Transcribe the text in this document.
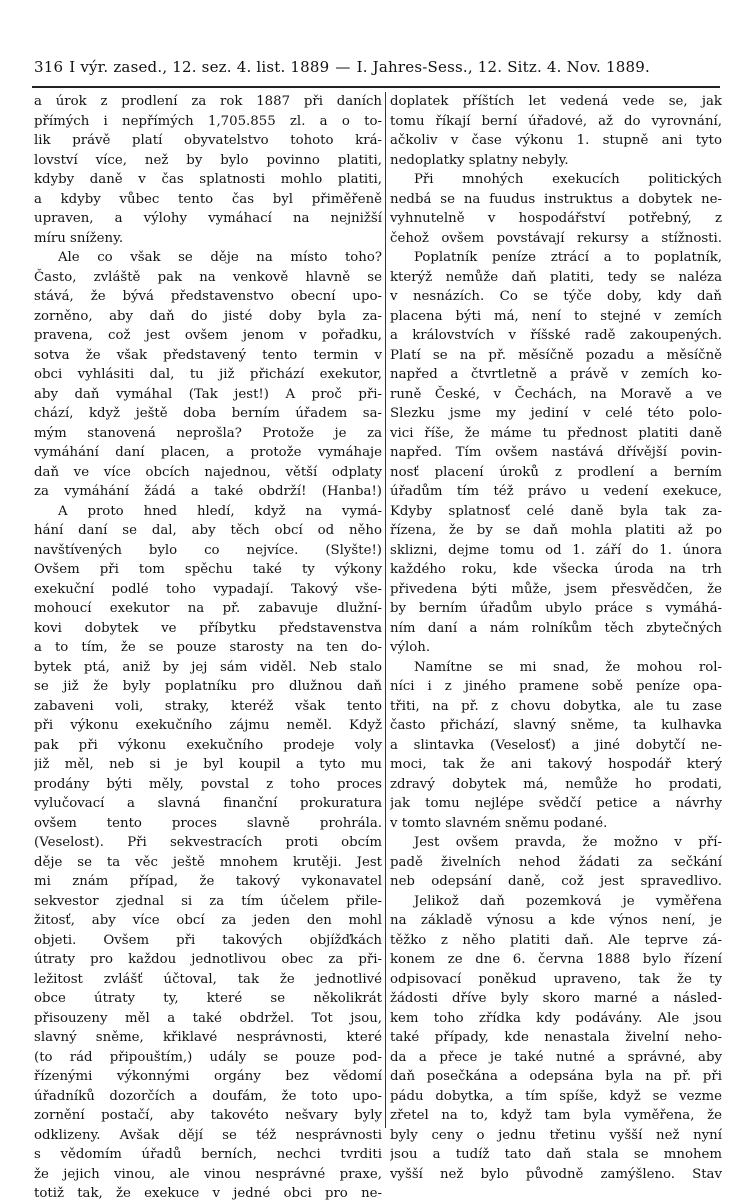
316 I výr. zased., 12. sez. 4. list. 1889 — I. Jahres-Sess., 12. Sitz. 4. Nov. 1889.
a úrok z prodlení za rok 1887 při daních
přímých i nepřímých 1,705.855 zl. a o to-
lik právě platí obyvatelstvo tohoto krá-
lovství více, než by bylo povinno platiti,
kdyby daně v čas splatnosti mohlo platiti,
a kdyby vůbec tento čas byl přiměřeně
upraven, a výlohy vymáhací na nejnižší
míru sníženy.
Ale co však se děje na místo toho?
Často, zvláště pak na venkově hlavně se
stává, že bývá představenstvo obecní upo-
zorněno, aby daň do jisté doby byla za-
pravena, což jest ovšem jenom v pořadku,
sotva že však představený tento termin v
obci vyhlásiti dal, tu již přichází exekutor,
aby daň vymáhal (Tak jest!) A proč při-
chází, když ještě doba berním úřadem sa-
mým stanovená neprošla? Protože je za
vymáhání daní placen, a protože vymáhaje
daň ve více obcích najednou, větší odplaty
za vymáhání žádá a také obdrží! (Hanba!)
A proto hned hledí, když na vymá-
hání daní se dal, aby těch obcí od něho
navštívených bylo co nejvíce. (Slyšte!)
Ovšem při tom spěchu také ty výkony
exekuční podlé toho vypadají. Takový vše-
mohoucí exekutor na př. zabavuje dlužní-
kovi dobytek ve příbytku představenstva
a to tím, že se pouze starosty na ten do-
bytek ptá, aniž by jej sám viděl. Neb stalo
se již že byly poplatníku pro dlužnou daň
zabaveni voli, straky, kteréž však tento
při výkonu exekučního zájmu neměl. Když
pak při výkonu exekučního prodeje voly
již měl, neb si je byl koupil a tyto mu
prodány býti měly, povstal z toho proces
vylučovací a slavná finanční prokuratura
ovšem tento proces slavně prohrála.
(Veselost). Při sekvestracích proti obcím
děje se ta věc ještě mnohem krutěji. Jest
mi znám případ, že takový vykonavatel
sekvestor zjednal si za tím účelem přile-
žitosť, aby více obcí za jeden den mohl
objeti. Ovšem při takových objížďkách
útraty pro každou jednotlivou obec za při-
ležitost zvlášť účtoval, tak že jednotlivé
obce útraty ty, které se několikrát
přisouzeny měl a také obdržel. Tot jsou,
slavný sněme, křiklavé nesprávnosti, které
(to rád připouštím,) udály se pouze pod-
řízenými výkonnými orgány bez vědomí
úřadníků dozorčích a doufám, že toto upo-
zornění postačí, aby takovéto nešvary byly
odklizeny. Avšak dějí se též nesprávnosti
s vědomím úřadů berních, nechci tvrditi
že jejich vinou, ale vinou nesprávné praxe,
totiž tak, že exekuce v jedné obci pro ne-
doplatek příštích let vedená vede se, jak
tomu říkají berní úřadové, až do vyrovnání,
ačkoliv v čase výkonu 1. stupně ani tyto
nedoplatky splatny nebyly.
Při mnohých exekucích politických
nedbá se na fuudus instruktus a dobytek ne-
vyhnutelně v hospodářství potřebný, z
čehož ovšem povstávají rekursy a stížnosti.
Poplatník peníze ztrácí a to poplatník,
kterýž nemůže daň platiti, tedy se naléza
v nesnázích. Co se týče doby, kdy daň
placena býti má, není to stejné v zemích
a královstvích v říšské radě zakoupených.
Platí se na př. měsíčně pozadu a měsíčně
napřed a čtvrtletně a právě v zemích ko-
runě České, v Čechách, na Moravě a ve
Slezku jsme my jediní v celé této polo-
vici říše, že máme tu přednost platiti daně
napřed. Tím ovšem nastává dřívější povin-
nosť placení úroků z prodlení a berním
úřadům tím též právo u vedení exekuce,
Kdyby splatnosť celé daně byla tak za-
řízena, že by se daň mohla platiti až po
sklizni, dejme tomu od 1. září do 1. února
každého roku, kde všecka úroda na trh
přivedena býti může, jsem přesvědčen, že
by berním úřadům ubylo práce s vymáhá-
ním daní a nám rolníkům těch zbytečných
výloh.
Namítne se mi snad, že mohou rol-
níci i z jiného pramene sobě peníze opa-
třiti, na př. z chovu dobytka, ale tu zase
často přichází, slavný sněme, ta kulhavka
a slintavka (Veselosť) a jiné dobytčí ne-
moci, tak že ani takový hospodář který
zdravý dobytek má, nemůže ho prodati,
jak tomu nejlépe svědčí petice a návrhy
v tomto slavném sněmu podané.
Jest ovšem pravda, že možno v pří-
padě živelních nehod žádati za sečkání
neb odepsání daně, což jest spravedlivo.
Jelikož daň pozemková je vyměřena
na základě výnosu a kde výnos není, je
těžko z něho platiti daň. Ale teprve zá-
konem ze dne 6. června 1888 bylo řízení
odpisovací poněkud upraveno, tak že ty
žádosti dříve byly skoro marné a násled-
kem toho zřídka kdy podávány. Ale jsou
také případy, kde nenastala živelní neho-
da a přece je také nutné a správné, aby
daň posečkána a odepsána byla na př. při
pádu dobytka, a tím spíše, když se vezme
zřetel na to, když tam byla vyměřena, že
byly ceny o jednu třetinu vyšší než nyní
jsou a tudíž tato daň stala se mnohem
vyšší než bylo původně zamýšleno. Stav
